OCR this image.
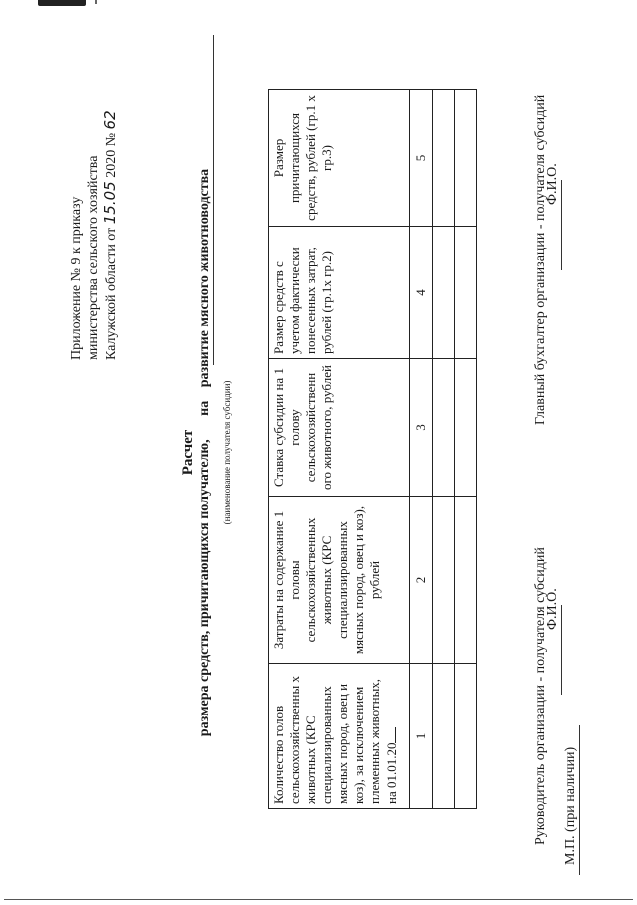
Приложение № 9 к приказу министерства сельского хозяйства Калужской области от 15.05 2020 № 62
Расчет размера средств, причитающихся получателю, на развитие мясного животноводства
(наименование получателя субсидии)
Количество голов сельскохозяйственны х животных (КРС специализированных мясных пород, овец и коз), за исключением племенных животных, на 01.01.20	Затраты на содержание 1 головы сельскохозяйственных животных (КРС специализированных мясных пород, овец и коз), рублей	Ставка субсидии на 1 голову сельскохозяйственн ого животного, рублей	Размер средств с учетом фактически понесенных затрат, рублей (гр.1х гр.2)	Размер причитающихся средств, рублей (гр.1 х гр.3)
1	2	3	4	5

Руководитель организации - получателя субсидий
Главный бухгалтер организации - получателя субсидий
Ф.И.О.
Ф.И.О.
М.П. (при наличии)
